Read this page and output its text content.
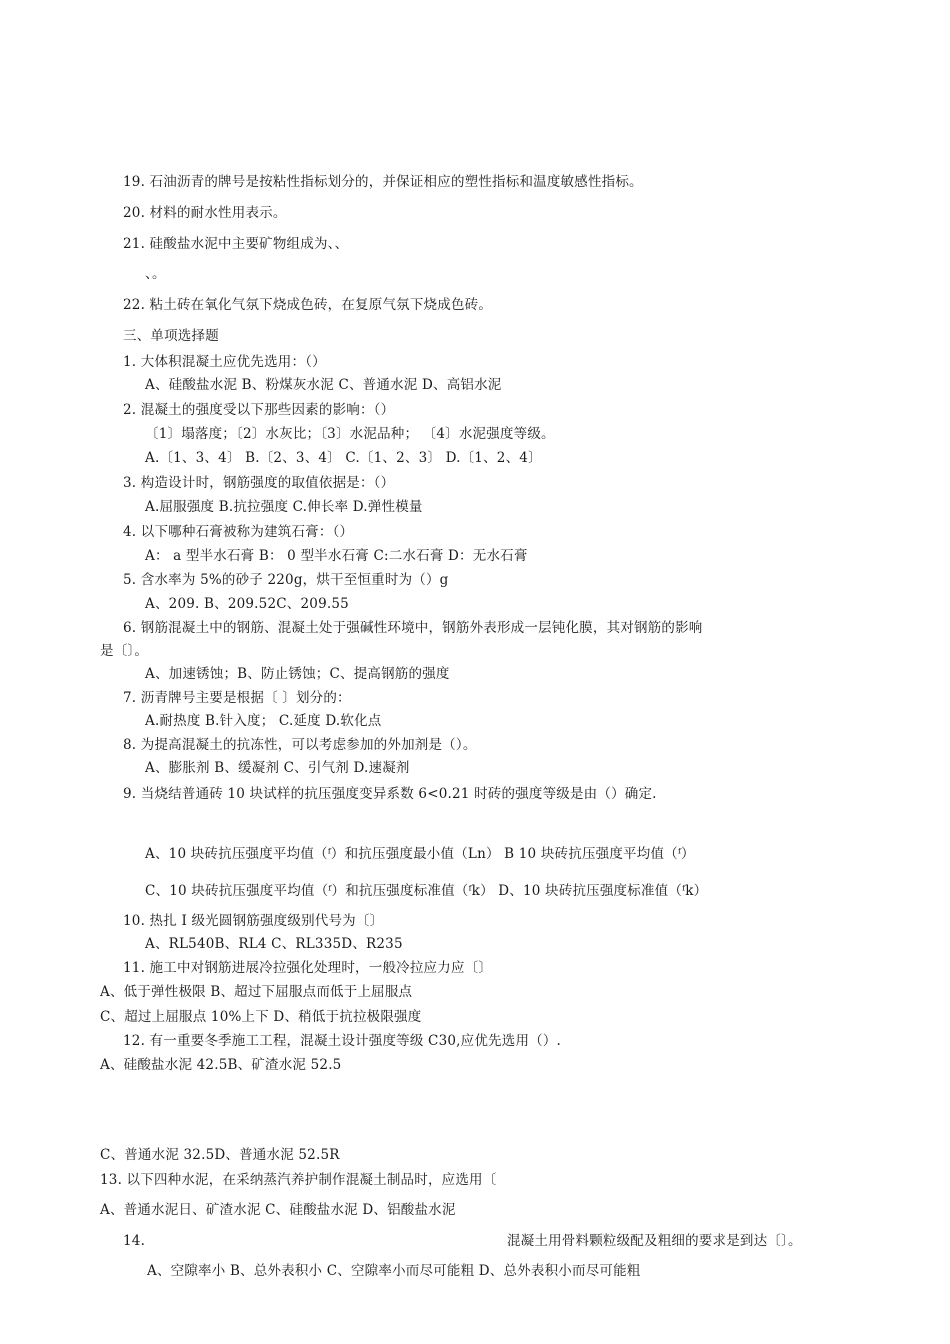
19. 石油沥青的牌号是按粘性指标划分的，并保证相应的塑性指标和温度敏感性指标。
20. 材料的耐水性用表示。
21. 硅酸盐水泥中主要矿物组成为、、
、。
22. 粘土砖在氧化气氛下烧成色砖，在复原气氛下烧成色砖。
三、单项选择题
1. 大体积混凝土应优先选用：（）
A、硅酸盐水泥 B、粉煤灰水泥 C、普通水泥 D、高铝水泥
2. 混凝土的强度受以下那些因素的影响：（）
〔1〕塌落度；〔2〕水灰比；〔3〕水泥品种； 〔4〕水泥强度等级。
A.〔1、3、4〕 B.〔2、3、4〕 C.〔1、2、3〕 D.〔1、2、4〕
3. 构造设计时，钢筋强度的取值依据是：（）
A.屈服强度 B.抗拉强度 C.伸长率 D.弹性模量
4. 以下哪种石膏被称为建筑石膏：（）
A： a 型半水石膏 B： 0 型半水石膏 C:二水石膏 D：无水石膏
5. 含水率为 5%的砂子 220g，烘干至恒重时为（）g
A、209. B、209.52C、209.55
6. 钢筋混凝土中的钢筋、混凝土处于强碱性环境中，钢筋外表形成一层钝化膜，其对钢筋的影响
是〔〕。
A、加速锈蚀；B、防止锈蚀；C、提高钢筋的强度
7. 沥青牌号主要是根据〔 〕划分的：
A.耐热度 B.针入度； C.延度 D.软化点
8. 为提高混凝土的抗冻性，可以考虑参加的外加剂是（）。
A、膨胀剂 B、缓凝剂 C、引气剂 D.速凝剂
9. 当烧结普通砖 10 块试样的抗压强度变异系数 6<0.21 时砖的强度等级是由（）确定.
A、10 块砖抗压强度平均值（ᶠ）和抗压强度最小值（Ln） B 10 块砖抗压强度平均值（ᶠ）
C、10 块砖抗压强度平均值（ᶠ）和抗压强度标准值（ᶠk） D、10 块砖抗压强度标准值（ᶠk）
10. 热扎 I 级光圆钢筋强度级别代号为〔〕
A、RL540B、RL4 C、RL335D、R235
11. 施工中对钢筋进展冷拉强化处理时，一般冷拉应力应〔〕
A、低于弹性极限 B、超过下屈服点而低于上屈服点
C、超过上屈服点 10%上下 D、稍低于抗拉极限强度
12. 有一重要冬季施工工程，混凝土设计强度等级 C30,应优先选用（）.
A、硅酸盐水泥 42.5B、矿渣水泥 52.5
C、普通水泥 32.5D、普通水泥 52.5R
13. 以下四种水泥，在采纳蒸汽养护制作混凝土制品时，应选用〔
A、普通水泥日、矿渣水泥 C、硅酸盐水泥 D、铝酸盐水泥
14.	混凝土用骨料颗粒级配及粗细的要求是到达〔〕。
A、空隙率小 B、总外表积小 C、空隙率小而尽可能粗 D、总外表积小而尽可能粗
